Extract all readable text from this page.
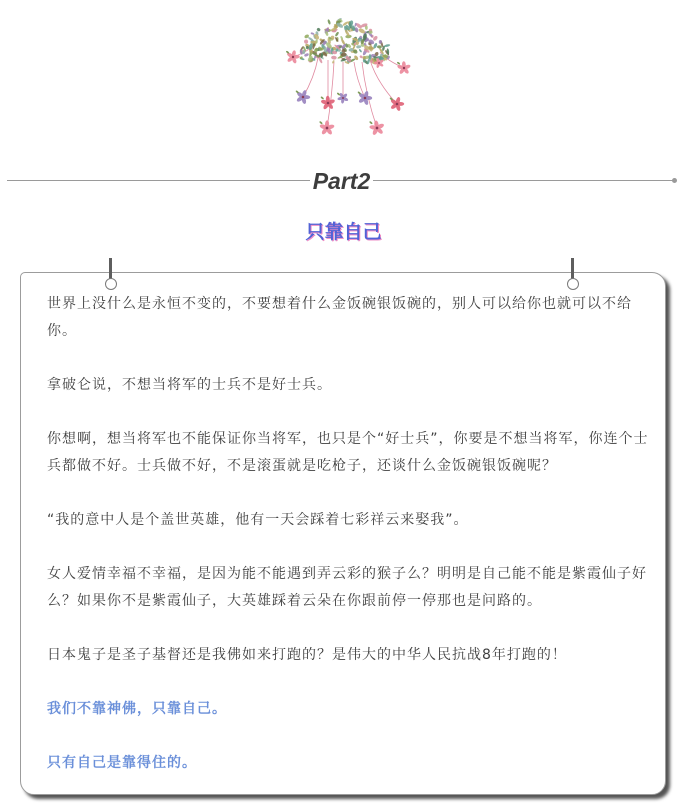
Part2
只靠自己

世界上没什么是永恒不变的，不要想着什么金饭碗银饭碗的，别人可以给你也就可以不给你。

拿破仑说，不想当将军的士兵不是好士兵。

你想啊，想当将军也不能保证你当将军，也只是个“好士兵”，你要是不想当将军，你连个士兵都做不好。士兵做不好，不是滚蛋就是吃枪子，还谈什么金饭碗银饭碗呢？

“我的意中人是个盖世英雄，他有一天会踩着七彩祥云来娶我”。

女人爱情幸福不幸福，是因为能不能遇到弄云彩的猴子么？明明是自己能不能是紫霞仙子好么？如果你不是紫霞仙子，大英雄踩着云朵在你跟前停一停那也是问路的。

日本鬼子是圣子基督还是我佛如来打跑的？是伟大的中华人民抗战8年打跑的！

我们不靠神佛，只靠自己。

只有自己是靠得住的。
